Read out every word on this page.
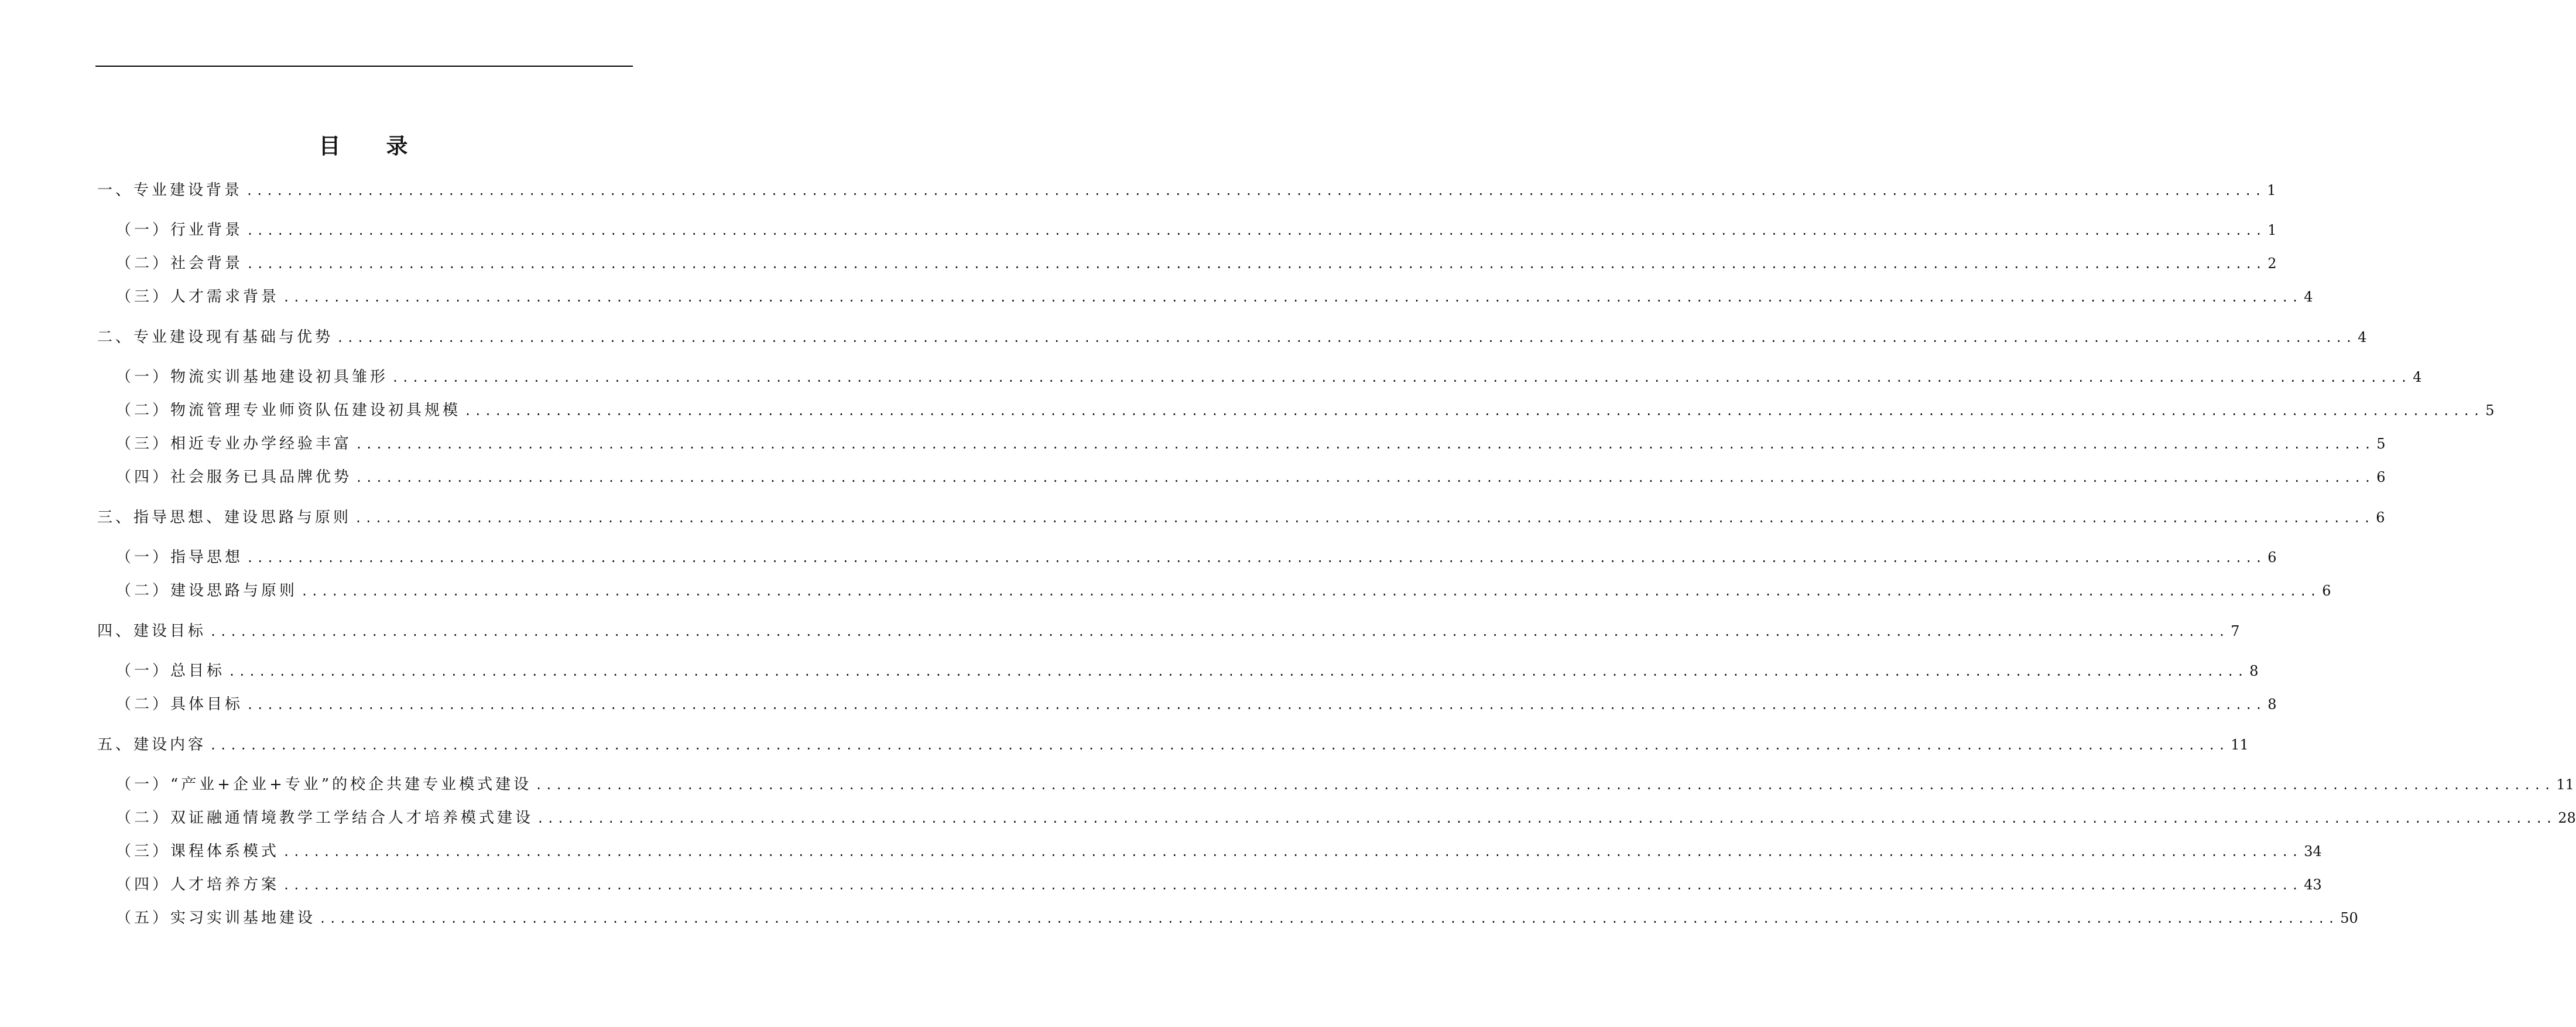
目 录
一、专业建设背景 ........................................................................................................................................................................................................ 1
（一）行业背景 ........................................................................................................................................................................................................ 1
（二）社会背景 ........................................................................................................................................................................................................ 2
（三）人才需求背景 ........................................................................................................................................................................................................ 4
二、专业建设现有基础与优势 ........................................................................................................................................................................................................ 4
（一）物流实训基地建设初具雏形 ........................................................................................................................................................................................................ 4
（二）物流管理专业师资队伍建设初具规模 ........................................................................................................................................................................................................ 5
（三）相近专业办学经验丰富 ........................................................................................................................................................................................................ 5
（四）社会服务已具品牌优势 ........................................................................................................................................................................................................ 6
三、指导思想、建设思路与原则 ........................................................................................................................................................................................................ 6
（一）指导思想 ........................................................................................................................................................................................................ 6
（二）建设思路与原则 ........................................................................................................................................................................................................ 6
四、建设目标 ........................................................................................................................................................................................................ 7
（一）总目标 ........................................................................................................................................................................................................ 8
（二）具体目标 ........................................................................................................................................................................................................ 8
五、建设内容 ........................................................................................................................................................................................................ 11
（一）“产业+企业+专业”的校企共建专业模式建设 ........................................................................................................................................................................................................ 11
（二）双证融通情境教学工学结合人才培养模式建设 ........................................................................................................................................................................................................ 28
（三）课程体系模式 ........................................................................................................................................................................................................ 34
（四）人才培养方案 ........................................................................................................................................................................................................ 43
（五）实习实训基地建设 ........................................................................................................................................................................................................ 50
